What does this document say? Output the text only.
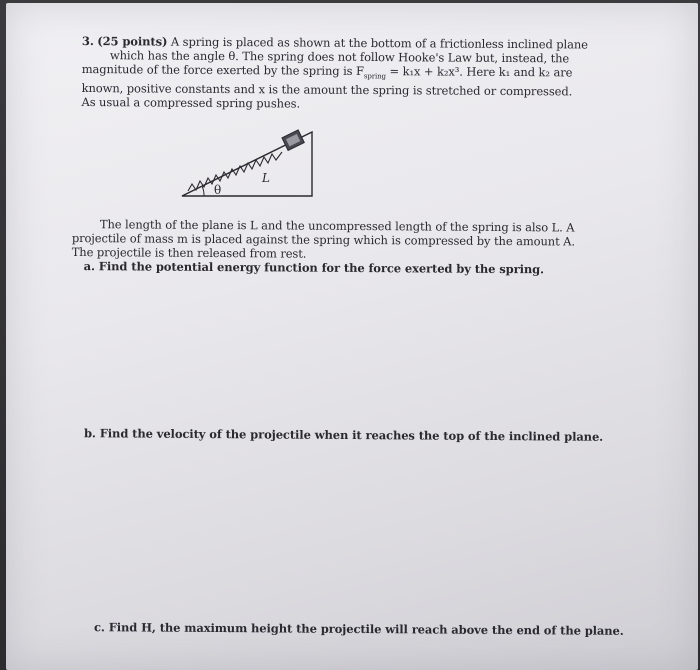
3. (25 points) A spring is placed as shown at the bottom of a frictionless inclined plane

which has the angle θ. The spring does not follow Hooke's Law but, instead, the

magnitude of the force exerted by the spring is $F_{spring} = k_1x + k_2x^3$. Here k₁ and k₂ are

known, positive constants and x is the amount the spring is stretched or compressed.

As usual a compressed spring pushes.

θ
L

The length of the plane is L and the uncompressed length of the spring is also L. A

projectile of mass m is placed against the spring which is compressed by the amount A.

The projectile is then released from rest.

a. Find the potential energy function for the force exerted by the spring.

b. Find the velocity of the projectile when it reaches the top of the inclined plane.
c. Find H, the maximum height the projectile will reach above the end of the plane.
